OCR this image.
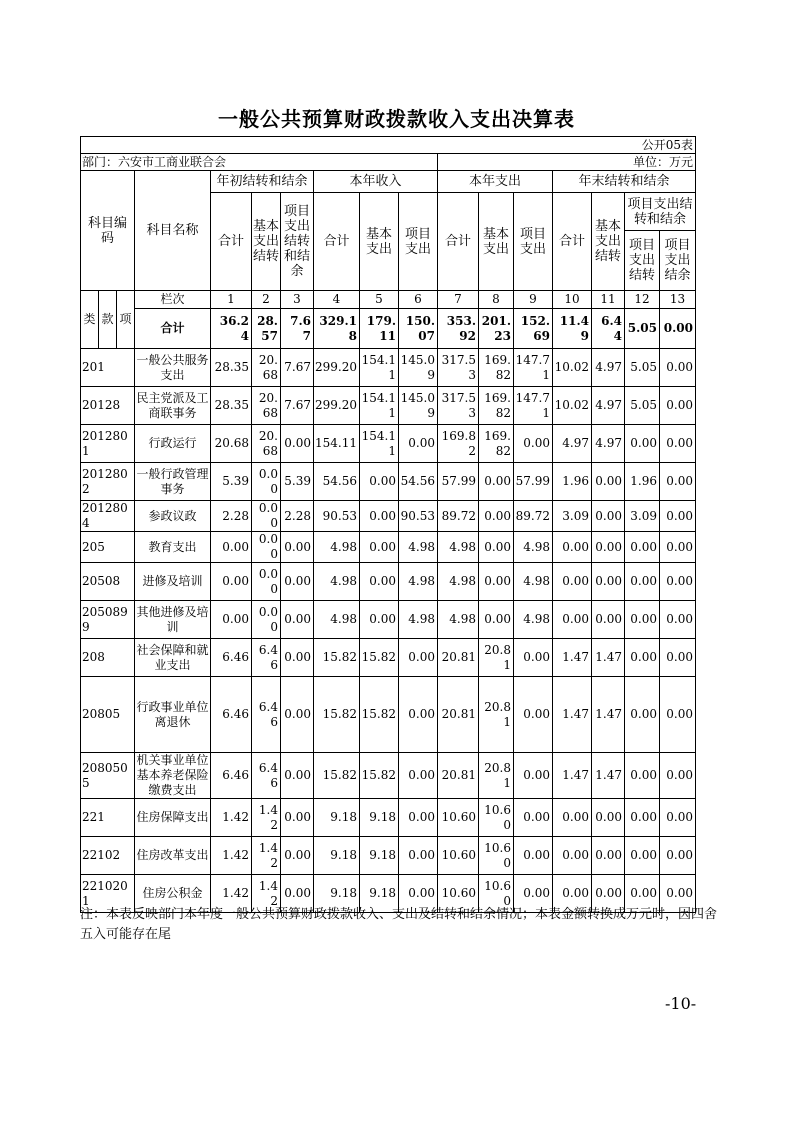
一般公共预算财政拨款收入支出决算表
公开05表																
部门：六安市工商业联合会										单位：万元						
科目编码			科目名称	年初结转和结余			本年收入			本年支出			年末结转和结余			
				合计	基本支出结转	项目支出结转和结余	合计	基本支出	项目支出	合计	基本支出	项目支出	合计	基本支出结转	项目支出结转和结余	
															项目支出结转	项目支出结余
类	款	项	栏次	1	2	3	4	5	6	7	8	9	10	11	12	13
			合计	36.24	28.57	7.67	329.18	179.11	150.07	353.92	201.23	152.69	11.49	6.44	5.05	0.00
201			一般公共服务支出	28.35	20.68	7.67	299.20	154.11	145.09	317.53	169.82	147.71	10.02	4.97	5.05	0.00
20128			民主党派及工商联事务	28.35	20.68	7.67	299.20	154.11	145.09	317.53	169.82	147.71	10.02	4.97	5.05	0.00
2012801			行政运行	20.68	20.68	0.00	154.11	154.11	0.00	169.82	169.82	0.00	4.97	4.97	0.00	0.00
2012802			一般行政管理事务	5.39	0.00	5.39	54.56	0.00	54.56	57.99	0.00	57.99	1.96	0.00	1.96	0.00
2012804			参政议政	2.28	0.00	2.28	90.53	0.00	90.53	89.72	0.00	89.72	3.09	0.00	3.09	0.00
205			教育支出	0.00	0.00	0.00	4.98	0.00	4.98	4.98	0.00	4.98	0.00	0.00	0.00	0.00
20508			进修及培训	0.00	0.00	0.00	4.98	0.00	4.98	4.98	0.00	4.98	0.00	0.00	0.00	0.00
2050899			其他进修及培训	0.00	0.00	0.00	4.98	0.00	4.98	4.98	0.00	4.98	0.00	0.00	0.00	0.00
208			社会保障和就业支出	6.46	6.46	0.00	15.82	15.82	0.00	20.81	20.81	0.00	1.47	1.47	0.00	0.00
20805			行政事业单位离退休	6.46	6.46	0.00	15.82	15.82	0.00	20.81	20.81	0.00	1.47	1.47	0.00	0.00
2080505			机关事业单位基本养老保险缴费支出	6.46	6.46	0.00	15.82	15.82	0.00	20.81	20.81	0.00	1.47	1.47	0.00	0.00
221			住房保障支出	1.42	1.42	0.00	9.18	9.18	0.00	10.60	10.60	0.00	0.00	0.00	0.00	0.00
22102			住房改革支出	1.42	1.42	0.00	9.18	9.18	0.00	10.60	10.60	0.00	0.00	0.00	0.00	0.00
2210201			住房公积金	1.42	1.42	0.00	9.18	9.18	0.00	10.60	10.60	0.00	0.00	0.00	0.00	0.00
注：本表反映部门本年度一般公共预算财政拨款收入、支出及结转和结余情况；本表金额转换成万元时，因四舍五入可能存在尾
-10-
